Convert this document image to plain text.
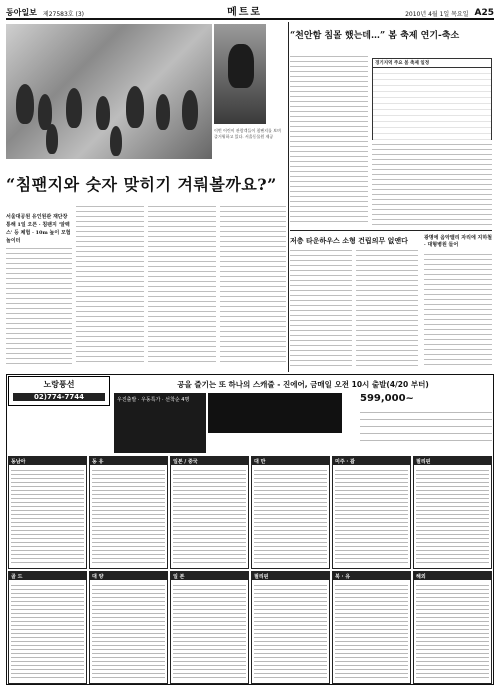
동아일보 제27583호 (3)	메트로	2010년 4월 1일 목요일 A25
이번 어린이 관람객들이 침팬지를 보며 즐거워하고 있다. 서울동물원 제공
“침팬지와 숫자 맞히기 겨뤄볼까요?”
서울대공원 유인원관 재단장 통해 1일 오픈 · 침팬지 '알렉스' 등 체험 · 10m 높이 모험놀이터
“천안함 침몰 했는데…” 봄 축제 연기-축소
경기지역 주요 봄 축제 일정
저층 타운하우스 소형 건립의무 없앤다	광명에 음악밸리 자리에 지하철 · 대형병원 들어
노랑풍선
02)774-7744
공을 즐기는 또 하나의 스캐줄 - 진에어, 금매일 오전 10시 출발(4/20 부터)
우진출발 · 우동특가 · 선착순 4명	599,000~
동남아	동 유	일본 / 중국	대 만	미주 · 괌	필리핀
골 드	대 양	일 본	필리핀	북 · 유	해외
